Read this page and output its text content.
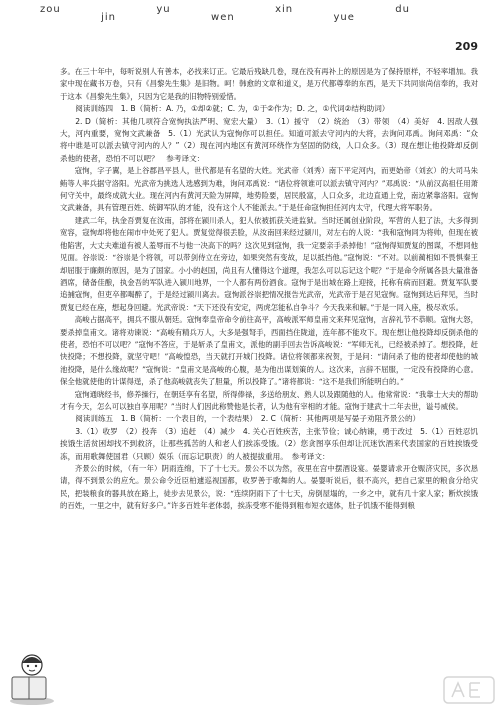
zou
jin
yu
wen
xin
yue
du
209

多。在三十年中，每听说别人有善本，必找来订正。它最后残缺几卷，现在没有再补上的原因是为了保持原样，不轻率增加。我家中现在藏书万卷，只有《昌黎先生集》是旧物。呵！韩愈的文章和道义，是万代都尊奉的东西，是天下共同崇尚信奉的，我对于这本《昌黎先生集》，只因为它是我的旧物特别爱惜。

阅读训练四　1. B（简析：A. 乃，①却②就；C. 为，①于②作为；D. 之，①代词②结构助词）

2. D（简析：其他几项符合宽恂执法严明、宽宏大量）　3.（1）援守　（2）统治　（3）带领　（4）美好　4. 因敌人强大，河内重要，宽恂文武兼备　5.（1）光武认为寇恂你可以担任。知道可派去守河内的大将，去询问邓禹。询问邓禹：“众将中谁是可以派去镇守河内的人？”（2）现在河内地区有黄河环绕作为坚固的防线，人口众多。（3）现在想让他投降却反倒杀他的使者，恐怕不可以吧？　参考译文：

寇恂，字子翼，是上谷郡昌平县人，世代都是有名望的大姓。光武帝（刘秀）南下平定河内，而更始帝（刘玄）的大司马朱鲔等人率兵据守洛阳。光武帝为挑选人选感到为难，询问邓禹说：“诸位将领谁可以派去镇守河内？”邓禹说：“从前汉高祖任用萧何守关中，最终成就大业。现在河内有黄河天险为屏障，地势险要，居民殷富，人口众多，北边直通上党，南边紧靠洛阳。寇恂文武兼备，具有管理百姓、统御军队的才能，没有这个人不能派去。”于是任命寇恂担任河内太守，代理大将军职务。

建武二年，执金吾贾复在汝南，部将在颍川杀人，犯人依被抓获关进监狱。当时还属创业阶段，军营的人犯了法，大多得到宽容，寇恂却将他在闹市中处死了犯人。贾复觉得很丢脸，从汝南回来经过颍川，对左右的人说：“我和寇恂同为将帅，但现在被他陷害，大丈夫难道有被人羞辱而不与他一决高下的吗？这次见到寇恂，我一定要亲手杀掉他！”寇恂得知贾复的图谋，不想同他见面。谷崇说：“谷崇是个将领，可以带剑侍立在旁边，如果突然有变故，足以抵挡他。”寇恂说：“不对。以前蔺相如不畏惧秦王却屈服于廉颇的原因，是为了国家。小小的赵国，尚且有人懂得这个道理，我怎么可以忘记这个呢？”于是命令所属各县大量准备酒席，储备佳酿，执金吾的军队进入颍川地界，一个人都有两份酒食。寇恂于是出城在路上迎接，托称有病而回避。贾复军队要追捕寇恂，但吏卒都喝醉了，于是经过颍川离去。寇恂派谷崇把情况报告光武帝，光武帝于是召见寇恂。寇恂到达后拜见，当时贾复已经在座，想起身回避。光武帝说：“天下还没有安定，两虎怎能私自争斗？今天我来和解。”于是一同入座，极尽欢乐。

高峻占据高平，拥兵不服从朝廷。寇恂奉皇帝命令前往高平，高峻派军师皇甫文来拜见寇恂，言辞礼节不恭顺。寇恂大怒，要杀掉皇甫文。诸将劝谏说：“高峻有精兵万人，大多是强弩手，西面挡住陇道，连年都不能攻下。现在想让他投降却反倒杀他的使者，恐怕不可以吧？”寇恂不答应，于是斩杀了皇甫文，派他的副手回去告诉高峻说：“军师无礼，已经被杀掉了。想投降，赶快投降；不想投降，就坚守吧！”高峻惶恐，当天就打开城门投降。诸位将领都来祝贺，于是问：“请问杀了他的使者却使他的城池投降，是什么缘故呢？”寇恂说：“皇甫文是高峻的心腹，是为他出谋划策的人。这次来，言辞不屈服，一定没有投降的心意。保全他就使他的计谋得逞，杀了他高峻就丧失了胆量，所以投降了。”诸将都说：“这不是我们所能明白的。”

寇恂通晓经书，修养操行，在朝廷享有名望，所得俸禄，多送给朋友、熟人以及跟随他的人。他常常说：“我靠士大夫的帮助才有今天，怎么可以独自享用呢？”当时人们因此称赞他是长者，认为他有宰相的才能。寇恂于建武十二年去世，谥号威侯。

阅读训练五　1. B（简析：一个表目的，一个表结果）　2. C（简析：其他两项是写晏子劝阻齐景公的）

3.（1）收罗　（2）投奔　（3）追赶　（4）减少　4. 关心百姓疾苦，主张节俭；诚心纳谏，勇于改过　5.（1）百姓忍饥挨饿生活贫困却找不到救济，让那些孤苦的人和老人们挨冻受饿。（2）您贪图享乐但却让沉迷饮酒来代表国家的百姓挨饿受冻，而用歌舞使国君（只顾）娱乐（而忘记职责）的人被提拔重用。　参考译文：

齐景公的时候，（有一年）阴雨连绵，下了十七天。景公不以为然，夜里在宫中摆酒设宴。晏婴请求开仓赈济灾民，多次恳请，得不到景公的应允。景公命令近臣柏遽巡视国都，收罗善于歌舞的人。晏婴听说后，很不高兴，把自己家里的粮食分给灾民，把装粮食的器具放在路上，徒步去见景公，说：“连续阴雨下了十七天，房倒屋塌的，一乡之中，就有几十家人家；断炊挨饿的百姓，一里之中，就有好多户。”许多百姓年老体弱，挨冻受寒不能得到粗布短衣遮体，肚子饥饿不能得到粮
